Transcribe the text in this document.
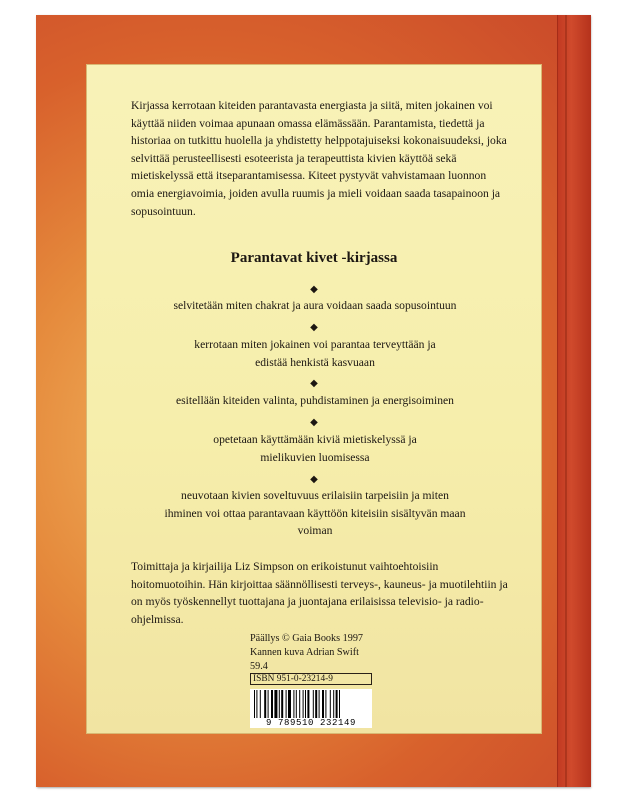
Kirjassa kerrotaan kiteiden parantavasta energiasta ja siitä, miten jokainen voi käyttää niiden voimaa apunaan omassa elämässään. Parantamista, tiedettä ja historiaa on tutkittu huolella ja yhdistetty helppotajuiseksi kokonaisuudeksi, joka selvittää perusteellisesti esoteerista ja terapeuttista kivien käyttöä sekä mietiskelyssä että itseparantamisessa. Kiteet pystyvät vahvistamaan luonnon omia energiavoimia, joiden avulla ruumis ja mieli voidaan saada tasapainoon ja sopusointuun.
Parantavat kivet -kirjassa
◆
selvitetään miten chakrat ja aura voidaan saada sopusointuun
◆
kerrotaan miten jokainen voi parantaa terveyttään ja edistää henkistä kasvuaan
◆
esitellään kiteiden valinta, puhdistaminen ja energisoiminen
◆
opetetaan käyttämään kiviä mietiskelyssä ja mielikuvien luomisessa
◆
neuvotaan kivien soveltuvuus erilaisiin tarpeisiin ja miten ihminen voi ottaa parantavaan käyttöön kiteisiin sisältyvän maan voiman
Toimittaja ja kirjailija Liz Simpson on erikoistunut vaihtoehtoisiin hoitomuotoihin. Hän kirjoittaa säännöllisesti terveys-, kauneus- ja muotilehtiin ja on myös työskennellyt tuottajana ja juontajana erilaisissa televisio- ja radio-ohjelmissa.
Päällys © Gaia Books 1997
Kannen kuva Adrian Swift
59.4
ISBN 951-0-23214-9
9 789510 232149
